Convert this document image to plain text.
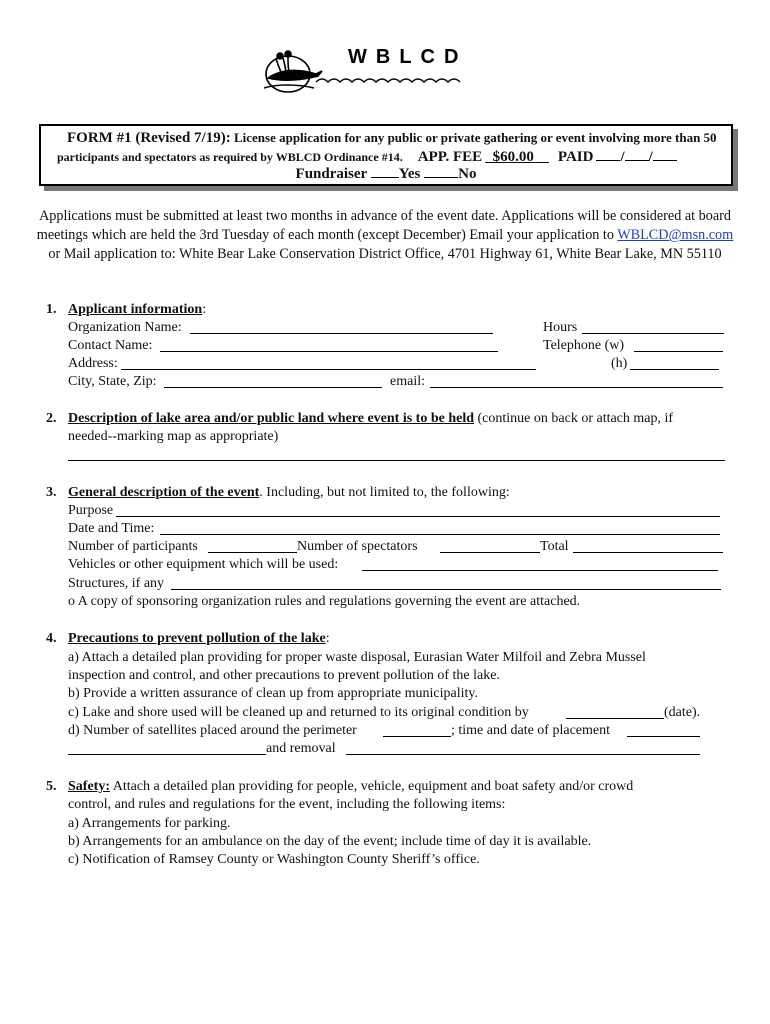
WBLCD
FORM #1 (Revised 7/19): License application for any public or private gathering or event involving more than 50
participants and spectators as required by WBLCD Ordinance #14. APP. FEE $60.00 PAID / /
Fundraiser Yes	No
Applications must be submitted at least two months in advance of the event date. Applications will be considered at board meetings which are held the 3rd Tuesday of each month (except December) Email your application to WBLCD@msn.com or Mail application to: White Bear Lake Conservation District Office, 4701 Highway 61, White Bear Lake, MN 55110
1. Applicant information:
Organization Name:	Hours
Contact Name:	Telephone (w)
Address:	(h)
City, State, Zip:	email:
2. Description of lake area and/or public land where event is to be held (continue on back or attach map, if
needed--marking map as appropriate)
3. General description of the event. Including, but not limited to, the following:
Purpose
Date and Time:
Number of participants	Number of spectators	Total
Vehicles or other equipment which will be used:
Structures, if any
o A copy of sponsoring organization rules and regulations governing the event are attached.
4. Precautions to prevent pollution of the lake:
a) Attach a detailed plan providing for proper waste disposal, Eurasian Water Milfoil and Zebra Mussel
inspection and control, and other precautions to prevent pollution of the lake.
b) Provide a written assurance of clean up from appropriate municipality.
c) Lake and shore used will be cleaned up and returned to its original condition by	(date).
d) Number of satellites placed around the perimeter	; time and date of placement
and removal
5. Safety: Attach a detailed plan providing for people, vehicle, equipment and boat safety and/or crowd
control, and rules and regulations for the event, including the following items:
a) Arrangements for parking.
b) Arrangements for an ambulance on the day of the event; include time of day it is available.
c) Notification of Ramsey County or Washington County Sheriff’s office.
